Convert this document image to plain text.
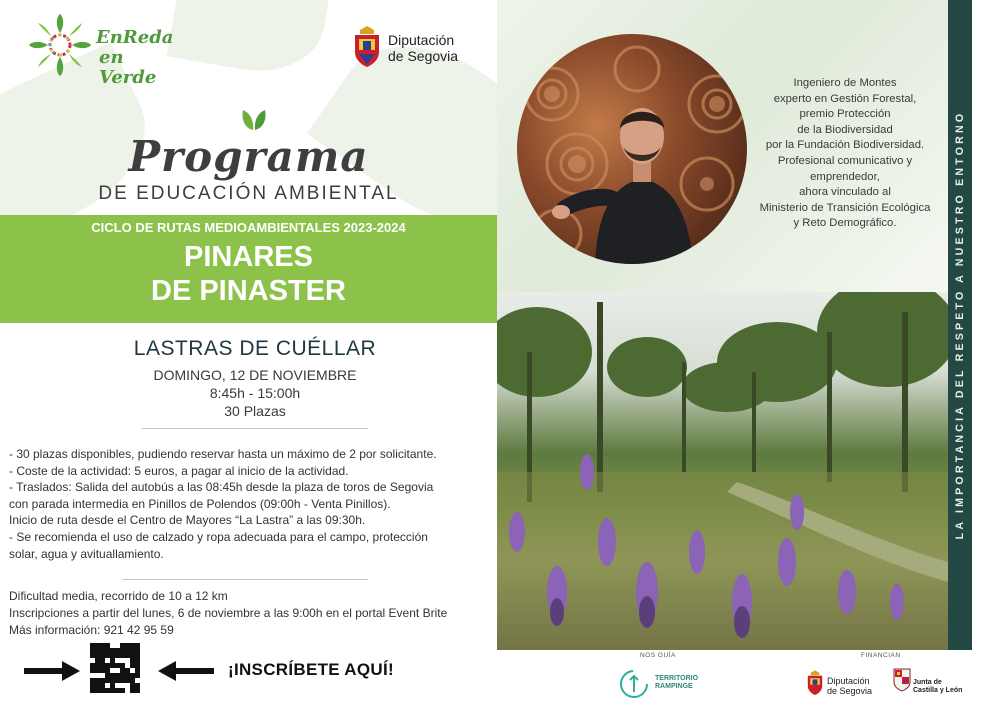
EnReda
en Verde
Diputación
de Segovia
Programa
DE EDUCACIÓN AMBIENTAL
CICLO DE RUTAS MEDIOAMBIENTALES 2023-2024
PINARES
DE PINASTER
LASTRAS DE CUÉLLAR
DOMINGO, 12 DE NOVIEMBRE
8:45h - 15:00h
30 Plazas
- 30 plazas disponibles, pudiendo reservar hasta un máximo de 2 por solicitante.
- Coste de la actividad: 5 euros, a pagar al inicio de la actividad.
- Traslados: Salida del autobús a las 08:45h desde la plaza de toros de Segovia
con parada intermedia en Pinillos de Polendos (09:00h - Venta Pinillos).
Inicio de ruta desde el Centro de Mayores “La Lastra” a las 09:30h.
- Se recomienda el uso de calzado y ropa adecuada para el campo, protección
solar, agua y avituallamiento.
Dificultad media, recorrido de 10 a 12 km
Inscripciones a partir del lunes, 6 de noviembre a las 9:00h en el portal Event Brite
Más información: 921 42 95 59
¡INSCRÍBETE AQUÍ!
Ingeniero de Montes
experto en Gestión Forestal,
premio Protección
de la Biodiversidad
por la Fundación Biodiversidad.
Profesional comunicativo y
emprendedor,
ahora vinculado al
Ministerio de Transición Ecológica
y Reto Demográfico.	LA IMPORTANCIA DEL RESPETO A NUESTRO ENTORNO
NOS GUÍA
TERRITORIO
RAMPINGE
FINANCIAN
Diputación
de Segovia
Junta de
Castilla y León
